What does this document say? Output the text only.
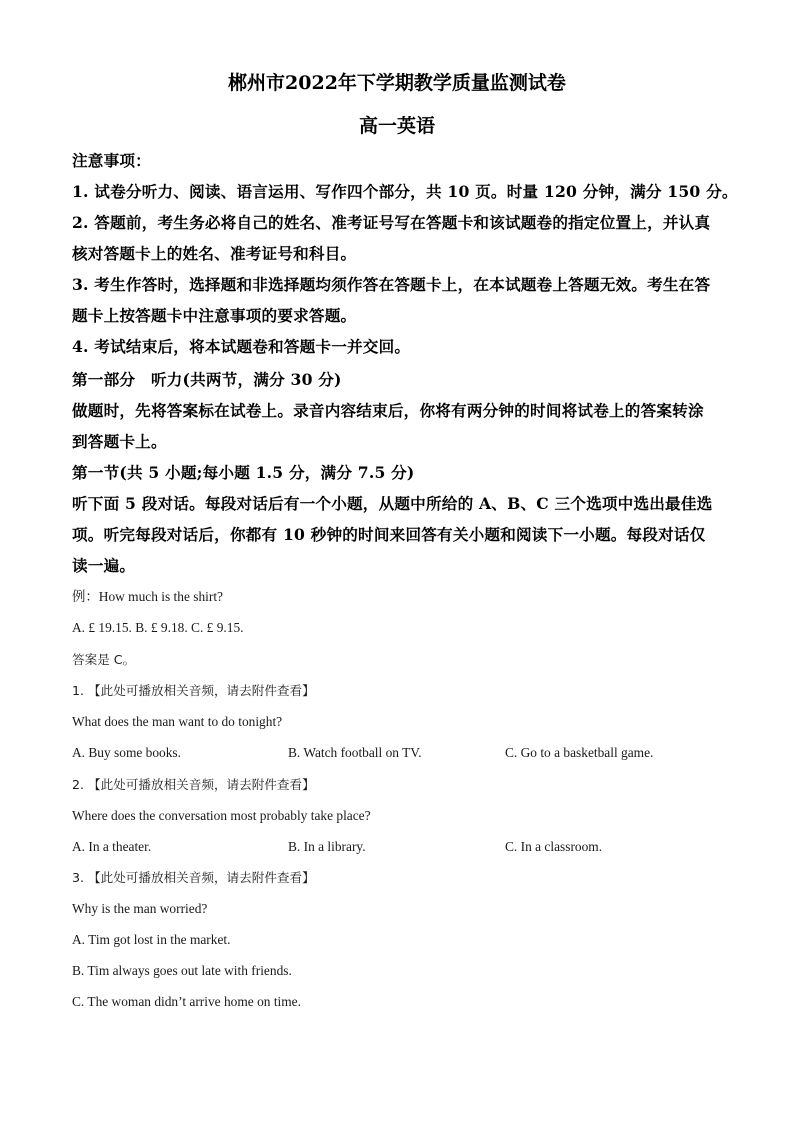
郴州市2022年下学期教学质量监测试卷
高一英语
注意事项：
1. 试卷分听力、阅读、语言运用、写作四个部分，共 10 页。时量 120 分钟，满分 150 分。
2. 答题前，考生务必将自己的姓名、准考证号写在答题卡和该试题卷的指定位置上，并认真
核对答题卡上的姓名、准考证号和科目。
3. 考生作答时，选择题和非选择题均须作答在答题卡上，在本试题卷上答题无效。考生在答
题卡上按答题卡中注意事项的要求答题。
4. 考试结束后，将本试题卷和答题卡一并交回。
第一部分　听力(共两节，满分 30 分)
做题时，先将答案标在试卷上。录音内容结束后，你将有两分钟的时间将试卷上的答案转涂
到答题卡上。
第一节(共 5 小题;每小题 1.5 分，满分 7.5 分)
听下面 5 段对话。每段对话后有一个小题，从题中所给的 A、B、C 三个选项中选出最佳选
项。听完每段对话后，你都有 10 秒钟的时间来回答有关小题和阅读下一小题。每段对话仅
读一遍。
例：How much is the shirt?
A. £ 19.15. B. £ 9.18. C. £ 9.15.
答案是 C。
1. 【此处可播放相关音频，请去附件查看】
What does the man want to do tonight?
A. Buy some books.	B. Watch football on TV.	C. Go to a basketball game.
2. 【此处可播放相关音频，请去附件查看】
Where does the conversation most probably take place?
A. In a theater.	B. In a library.	C. In a classroom.
3. 【此处可播放相关音频，请去附件查看】
Why is the man worried?
A. Tim got lost in the market.
B. Tim always goes out late with friends.
C. The woman didn’t arrive home on time.
